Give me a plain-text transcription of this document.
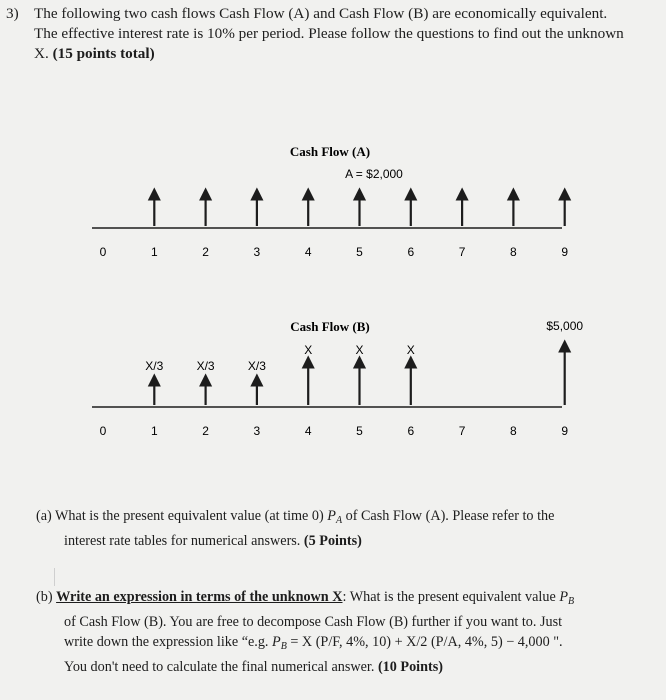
3) The following two cash flows Cash Flow (A) and Cash Flow (B) are economically equivalent.
The effective interest rate is 10% per period. Please follow the questions to find out the unknown
X. (15 points total)
Cash Flow (A)
A = $2,000
0	1	2	3	4	5	6	7	8	9
Cash Flow (B)
X/3	X/3	X/3
X	X	X
$5,000
0	1	2	3	4	5	6	7	8	9
(a) What is the present equivalent value (at time 0) $P_A$ of Cash Flow (A). Please refer to the
interest rate tables for numerical answers. (5 Points)
(b) Write an expression in terms of the unknown X: What is the present equivalent value $P_B$
of Cash Flow (B). You are free to decompose Cash Flow (B) further if you want to. Just
write down the expression like “e.g. $P_B = X$ (P/F, 4%, 10) + X/2 (P/A, 4%, 5) − 4,000 ".
You don't need to calculate the final numerical answer. (10 Points)
